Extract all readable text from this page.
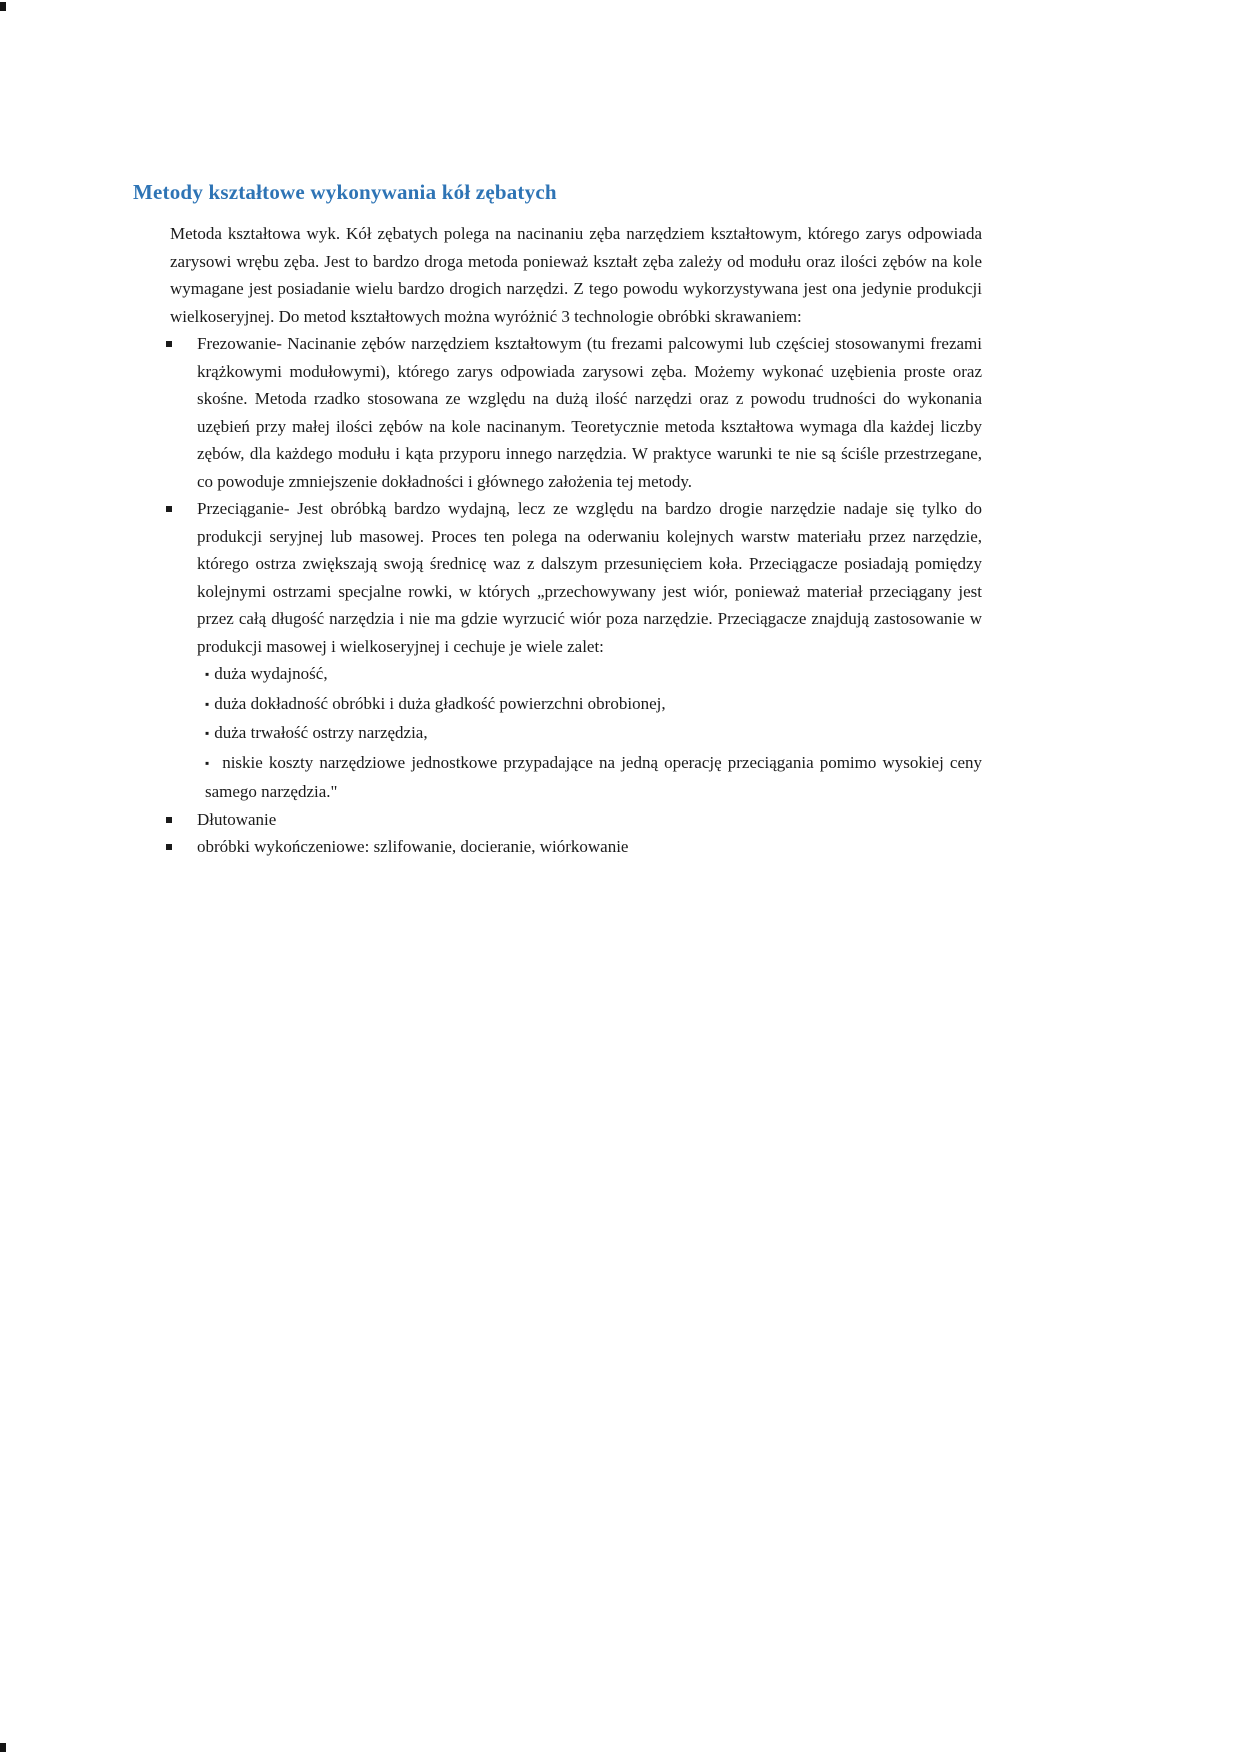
Metody kształtowe wykonywania kół zębatych

Metoda kształtowa wyk. Kół zębatych polega na nacinaniu zęba narzędziem kształtowym, którego zarys odpowiada zarysowi wrębu zęba. Jest to bardzo droga metoda ponieważ kształt zęba zależy od modułu oraz ilości zębów na kole wymagane jest posiadanie wielu bardzo drogich narzędzi. Z tego powodu wykorzystywana jest ona jedynie produkcji wielkoseryjnej. Do metod kształtowych można wyróżnić 3 technologie obróbki skrawaniem:

Frezowanie- Nacinanie zębów narzędziem kształtowym (tu frezami palcowymi lub częściej stosowanymi frezami krążkowymi modułowymi), którego zarys odpowiada zarysowi zęba. Możemy wykonać uzębienia proste oraz skośne. Metoda rzadko stosowana ze względu na dużą ilość narzędzi oraz z powodu trudności do wykonania uzębień przy małej ilości zębów na kole nacinanym. Teoretycznie metoda kształtowa wymaga dla każdej liczby zębów, dla każdego modułu i kąta przyporu innego narzędzia. W praktyce warunki te nie są ściśle przestrzegane, co powoduje zmniejszenie dokładności i głównego założenia tej metody.
Przeciąganie- Jest obróbką bardzo wydajną, lecz ze względu na bardzo drogie narzędzie nadaje się tylko do produkcji seryjnej lub masowej. Proces ten polega na oderwaniu kolejnych warstw materiału przez narzędzie, którego ostrza zwiększają swoją średnicę waz z dalszym przesunięciem koła. Przeciągacze posiadają pomiędzy kolejnymi ostrzami specjalne rowki, w których „przechowywany jest wiór, ponieważ materiał przeciągany jest przez całą długość narzędzia i nie ma gdzie wyrzucić wiór poza narzędzie. Przeciągacze znajdują zastosowanie w produkcji masowej i wielkoseryjnej i cechuje je wiele zalet:
▪ duża wydajność,
▪ duża dokładność obróbki i duża gładkość powierzchni obrobionej,
▪ duża trwałość ostrzy narzędzia,
▪ niskie koszty narzędziowe jednostkowe przypadające na jedną operację przeciągania pomimo wysokiej ceny samego narzędzia."
Dłutowanie
obróbki wykończeniowe: szlifowanie, docieranie, wiórkowanie
